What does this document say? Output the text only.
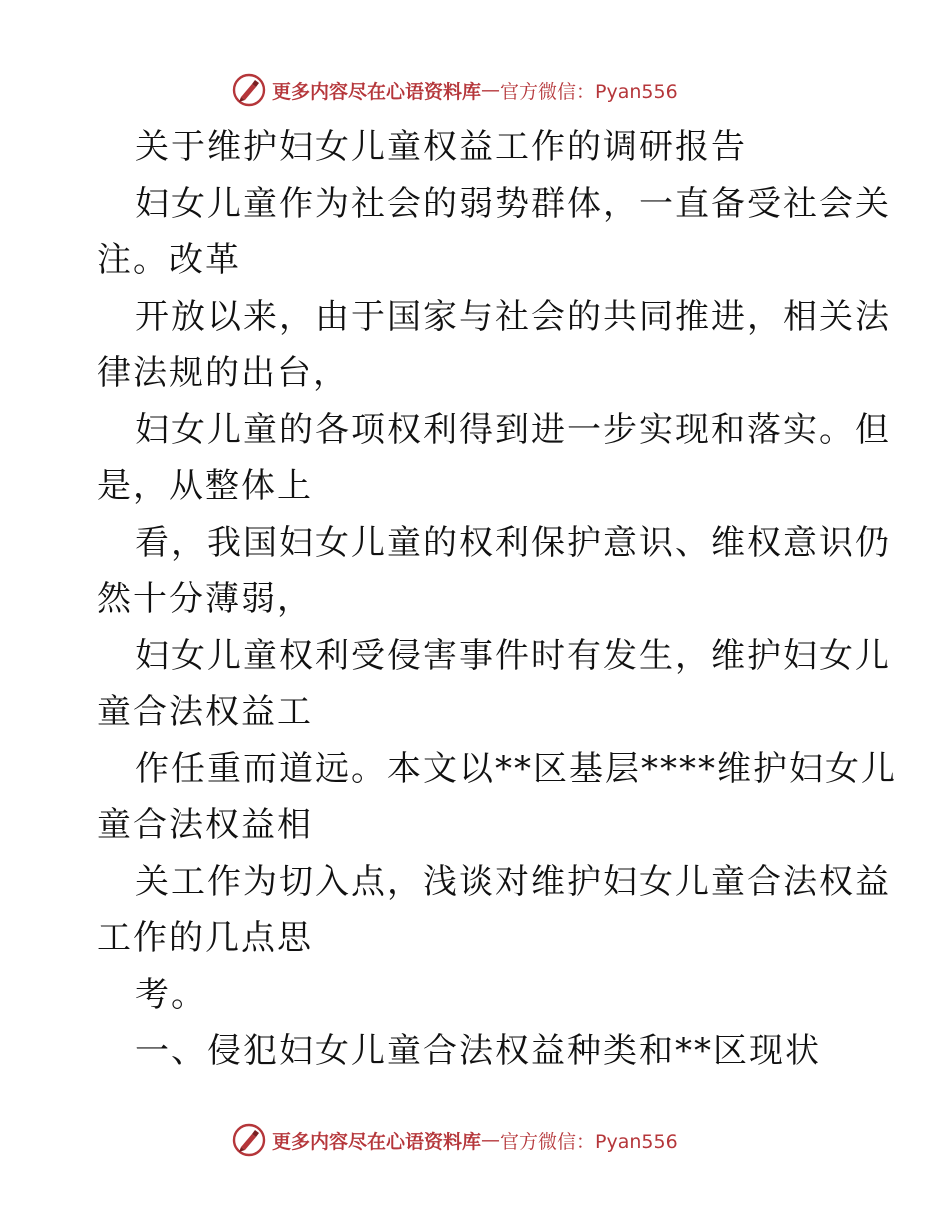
更多内容尽在心语资料库 — 官方微信：Pyan556
关于维护妇女儿童权益工作的调研报告
妇女儿童作为社会的弱势群体，一直备受社会关
注。改革
开放以来，由于国家与社会的共同推进，相关法
律法规的出台，
妇女儿童的各项权利得到进一步实现和落实。但
是，从整体上
看，我国妇女儿童的权利保护意识、维权意识仍
然十分薄弱，
妇女儿童权利受侵害事件时有发生，维护妇女儿
童合法权益工
作任重而道远。本文以**区基层****维护妇女儿
童合法权益相
关工作为切入点，浅谈对维护妇女儿童合法权益
工作的几点思
考。
一、侵犯妇女儿童合法权益种类和**区现状
更多内容尽在心语资料库 — 官方微信：Pyan556
